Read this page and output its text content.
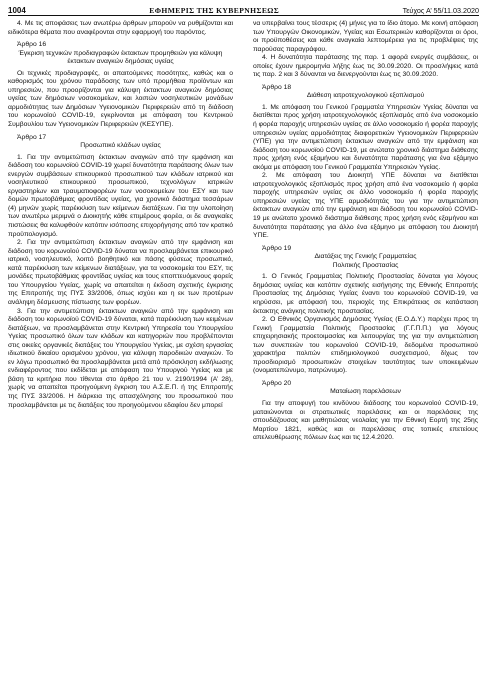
1004	ΕΦΗΜΕΡΙΣ ΤΗΣ ΚΥΒΕΡΝΗΣΕΩΣ	Τεύχος Α’ 55/11.03.2020

4. Με τις αποφάσεις των ανωτέρω άρθρων μπορούν να ρυθμίζονται και ειδικότερα θέματα που αναφέρονται στην εφαρμογή του παρόντος.

Άρθρο 16

Έγκριση τεχνικών προδιαγραφών έκτακτων προμηθειών για κάλυψη έκτακτων αναγκών δημόσιας υγείας

Οι τεχνικές προδιαγραφές, οι απαιτούμενες ποσότητες, καθώς και ο καθορισμός του χρόνου παράδοσης των υπό προμήθεια προϊόντων και υπηρεσιών, που προορίζονται για κάλυψη έκτακτων αναγκών δημόσιας υγείας των δημόσιων νοσοκομείων, και λοιπών νοσηλευτικών μονάδων αρμοδιότητας των Δημόσιων Υγειονομικών Περιφερειών από τη διάδοση του κορωνοϊού COVID-19, εγκρίνονται με απόφαση του Κεντρικού Συμβουλίου των Υγειονομικών Περιφερειών (ΚΕΣΥΠΕ).

Άρθρο 17

Προσωπικό κλάδων υγείας

1. Για την αντιμετώπιση έκτακτων αναγκών από την εμφάνιση και διάδοση του κορωνοϊού COVID-19 χωρεί δυνατότητα παράτασης όλων των ενεργών συμβάσεων επικουρικού προσωπικού των κλάδων ιατρικού και νοσηλευτικού επικουρικού προσωπικού, τεχνολόγων ιατρικών εργαστηρίων και τραυματιοφορέων των νοσοκομείων του ΕΣΥ και των δομών πρωτοβάθμιας φροντίδας υγείας, για χρονικό διάστημα τεσσάρων (4) μηνών χωρίς παρέκκλιση των κείμενων διατάξεων. Για την υλοποίηση των ανωτέρω μεριμνά ο Διοικητής κάθε επιμέρους φορέα, οι δε αναγκαίες πιστώσεις θα καλυφθούν κατόπιν ισόποσης επιχορήγησης από τον κρατικό προϋπολογισμό.

2. Για την αντιμετώπιση έκτακτων αναγκών από την εμφάνιση και διάδοση του κορωνοϊού COVID-19 δύναται να προσλαμβάνεται επικουρικό ιατρικό, νοσηλευτικό, λοιπό βοηθητικό και πάσης φύσεως προσωπικό, κατά παρέκκλιση των κείμενων διατάξεων, για τα νοσοκομεία του ΕΣΥ, τις μονάδες πρωτοβάθμιας φροντίδας υγείας και τους εποπτευόμενους φορείς του Υπουργείου Υγείας, χωρίς να απαιτείται η έκδοση σχετικής έγκρισης της Επιτροπής της ΠΥΣ 33/2006, όπως ισχύει και η εκ των προτέρων ανάληψη δέσμευσης πίστωσης των φορέων.

3. Για την αντιμετώπιση έκτακτων αναγκών από την εμφάνιση και διάδοση του κορωνοϊού COVID-19 δύναται, κατά παρέκκλιση των κειμένων διατάξεων, να προσλαμβάνεται στην Κεντρική Υπηρεσία του Υπουργείου Υγείας προσωπικό όλων των κλάδων και κατηγοριών που προβλέπονται στις οικείες οργανικές διατάξεις του Υπουργείου Υγείας, με σχέση εργασίας ιδιωτικού δικαίου ορισμένου χρόνου, για κάλυψη παροδικών αναγκών. Το εν λόγω προσωπικό θα προσλαμβάνεται μετά από πρόσκληση εκδήλωσης ενδιαφέροντος που εκδίδεται με απόφαση του Υπουργού Υγείας και με βάση τα κριτήρια που τίθενται στο άρθρο 21 του ν. 2190/1994 (Α’ 28), χωρίς να απαιτείται προηγούμενη έγκριση του Α.Σ.Ε.Π. ή της Επιτροπής της ΠΥΣ 33/2006. Η διάρκεια της απασχόλησης του προσωπικού που προσλαμβάνεται με τις διατάξεις του προηγούμενου εδαφίου δεν μπορεί

να υπερβαίνει τους τέσσερις (4) μήνες για το ίδιο άτομο. Με κοινή απόφαση των Υπουργών Οικονομικών, Υγείας και Εσωτερικών καθορίζονται οι όροι, οι προϋποθέσεις και κάθε αναγκαία λεπτομέρεια για τις προβλέψεις της παρούσας παραγράφου.

4. Η δυνατότητα παράτασης της παρ. 1 αφορά ενεργές συμβάσεις, οι οποίες έχουν ημερομηνία λήξης έως τις 30.09.2020. Οι προσλήψεις κατά τις παρ. 2 και 3 δύνανται να διενεργούνται έως τις 30.09.2020.

Άρθρο 18

Διάθεση ιατροτεχνολογικού εξοπλισμού

1. Με απόφαση του Γενικού Γραμματέα Υπηρεσιών Υγείας δύναται να διατίθεται προς χρήση ιατροτεχνολογικός εξοπλισμός από ένα νοσοκομείο ή φορέα παροχής υπηρεσιών υγείας σε άλλο νοσοκομείο ή φορέα παροχής υπηρεσιών υγείας αρμοδιότητας διαφορετικών Υγειονομικών Περιφερειών (ΥΠΕ) για την αντιμετώπιση έκτακτων αναγκών από την εμφάνιση και διάδοση του κορωνοϊού COVID-19, με ανώτατο χρονικό διάστημα διάθεσης προς χρήση ενός εξαμήνου και δυνατότητα παράτασης για ένα εξάμηνο ακόμα με απόφαση του Γενικού Γραμματέα Υπηρεσιών Υγείας.

2. Με απόφαση του Διοικητή ΥΠΕ δύναται να διατίθεται ιατροτεχνολογικός εξοπλισμός προς χρήση από ένα νοσοκομείο ή φορέα παροχής υπηρεσιών υγείας σε άλλο νοσοκομείο ή φορέα παροχής υπηρεσιών υγείας της ΥΠΕ αρμοδιότητάς του για την αντιμετώπιση έκτακτων αναγκών από την εμφάνιση και διάδοση του κορωνοϊού COVID-19 με ανώτατο χρονικό διάστημα διάθεσης προς χρήση ενός εξαμήνου και δυνατότητα παράτασης για άλλο ένα εξάμηνο με απόφαση του Διοικητή ΥΠΕ.

Άρθρο 19

Διατάξεις της Γενικής Γραμματείας

Πολιτικής Προστασίας

1. Ο Γενικός Γραμματέας Πολιτικής Προστασίας δύναται για λόγους δημόσιας υγείας και κατόπιν σχετικής εισήγησης της Εθνικής Επιτροπής Προστασίας της Δημόσιας Υγείας έναντι του κορωνοϊού COVID-19, να κηρύσσει, με απόφασή του, περιοχές της Επικράτειας σε κατάσταση έκτακτης ανάγκης πολιτικής προστασίας.

2. Ο Εθνικός Οργανισμός Δημόσιας Υγείας (Ε.Ο.Δ.Υ.) παρέχει προς τη Γενική Γραμματεία Πολιτικής Προστασίας (Γ.Γ.Π.Π.) για λόγους επιχειρησιακής προετοιμασίας και λειτουργίας της για την αντιμετώπιση των συνεπειών του κορωνοϊού COVID-19, δεδομένα προσωπικού χαρακτήρα πολιτών επιδημιολογικού συσχετισμού, δίχως τον προσδιορισμό προσωπικών στοιχείων ταυτότητας των υποκειμένων (ονοματεπώνυμο, πατρώνυμο).

Άρθρο 20

Ματαίωση παρελάσεων

Για την αποφυγή του κινδύνου διάδοσης του κορωνοϊού COVID-19, ματαιώνονται οι στρατιωτικές παρελάσεις και οι παρελάσεις της σπουδάζουσας και μαθητιώσας νεολαίας για την Εθνική Εορτή της 25ης Μαρτίου 1821, καθώς και οι παρελάσεις στις τοπικές επετείους απελευθέρωσης πόλεων έως και τις 12.4.2020.
